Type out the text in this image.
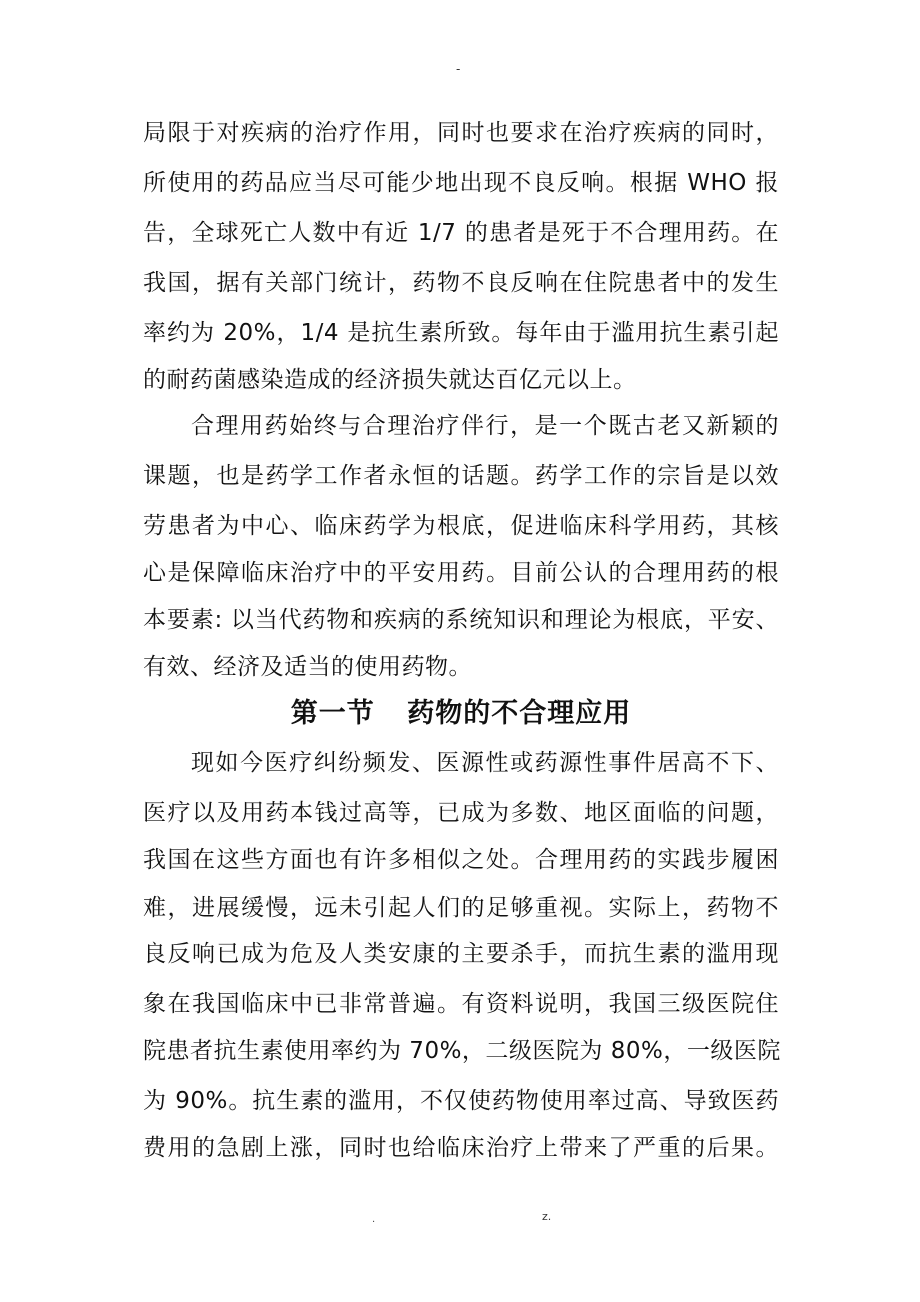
-
局限于对疾病的治疗作用，同时也要求在治疗疾病的同时，
所使用的药品应当尽可能少地出现不良反响。根据 WHO 报
告，全球死亡人数中有近 1/7 的患者是死于不合理用药。在
我国，据有关部门统计，药物不良反响在住院患者中的发生
率约为 20%，1/4 是抗生素所致。每年由于滥用抗生素引起
的耐药菌感染造成的经济损失就达百亿元以上。
合理用药始终与合理治疗伴行，是一个既古老又新颖的
课题，也是药学工作者永恒的话题。药学工作的宗旨是以效
劳患者为中心、临床药学为根底，促进临床科学用药，其核
心是保障临床治疗中的平安用药。目前公认的合理用药的根
本要素: 以当代药物和疾病的系统知识和理论为根底，平安、
有效、经济及适当的使用药物。
第一节 药物的不合理应用
现如今医疗纠纷频发、医源性或药源性事件居高不下、
医疗以及用药本钱过高等，已成为多数、地区面临的问题，
我国在这些方面也有许多相似之处。合理用药的实践步履困
难，进展缓慢，远未引起人们的足够重视。实际上，药物不
良反响已成为危及人类安康的主要杀手，而抗生素的滥用现
象在我国临床中已非常普遍。有资料说明，我国三级医院住
院患者抗生素使用率约为 70%，二级医院为 80%，一级医院
为 90%。抗生素的滥用，不仅使药物使用率过高、导致医药
费用的急剧上涨，同时也给临床治疗上带来了严重的后果。
.	z.
